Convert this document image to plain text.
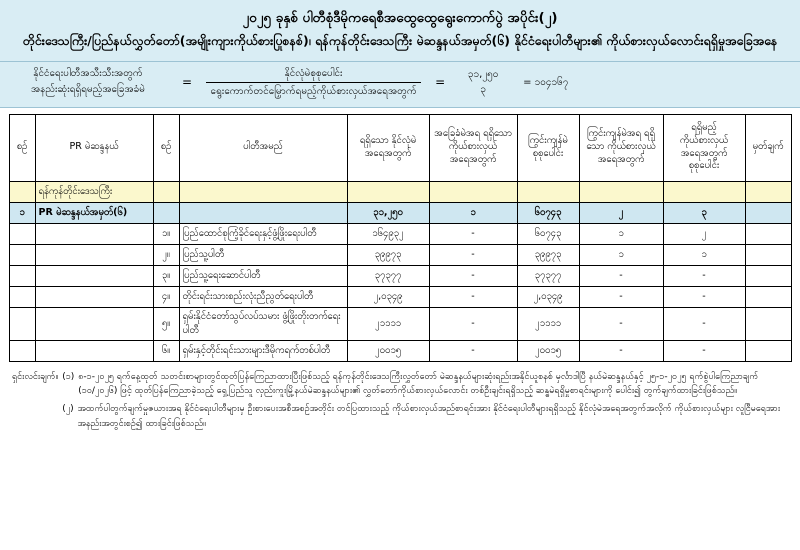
၂၀၂၅ ခုနှစ် ပါတီစုံဒီမိုကရေစီအထွေထွေရွေးကောက်ပွဲ အပိုင်း(၂)
တိုင်းဒေသကြီး/ပြည်နယ်လွှတ်တော်(အမျိုးကျားကိုယ်စားပြုစနစ်)၊ ရန်ကုန်တိုင်းဒေသကြီး မဲဆန္ဒနယ်အမှတ်(၆) နိုင်ငံရေးပါတီများ၏ ကိုယ်စားလှယ်လောင်းရရှိမှုအခြေအနေ
နိုင်ငံရေးပါတီအသီးသီးအတွက်
အနည်းဆုံးရရှိရမည့်အခြေအခံမဲ
= $\frac{\text{နိုင်လုံမဲစုစုပေါင်း}}{\text{ရွေးကောက်တင်မြှောက်ရမည့်ကိုယ်စားလှယ်အရေအတွက်}}$ =
၃၁,၂၅၀
၃
= ၁၀၄၁၆၇
စဉ်	PR မဲဆန္ဒနယ်	စဉ်	ပါတီအမည်	ရရှိသော နိုင်လုံမဲအရေအတွက်	အခြေခံမဲအရ ရရှိသော ကိုယ်စားလှယ် အရေအတွက်	ကြွင်းကျန်မဲ စုစုပေါင်း	ကြွင်းကျန်မဲအရ ရရှိသော ကိုယ်စားလှယ် အရေအတွက်	ရရှိမည့် ကိုယ်စားလှယ် အရေအတွက် စုစုပေါင်း	မှတ်ချက်
	ရန်ကုန်တိုင်းဒေသကြီး								
၁	PR မဲဆန္ဒနယ်အမှတ်(၆)			၃၁,၂၅၀	၁	၆၀၇၄၃	၂	၃	
		၁။	ပြည်ထောင်စုကြံ့ခိုင်ရေးနှင့်ဖွံ့ဖြိုးရေးပါတီ	၁၆၄၉၃၂	-	၆၀၇၄၃	၁	၂	
		၂။	ပြည်သူ့ပါတီ	၃၉၉၇၃	-	၃၉၉၇၃	၁	၁	
		၃။	ပြည်သူ့ရေးဆောင်ပါတီ	၃၇၃၇၇	-	၃၇၃၇၇	-	-	
		၄။	တိုင်းရင်းသားစည်းလုံးညီညွတ်ရေးပါတီ	၂,၀၃၄၉	-	၂,၀၃၄၉	-	-	
		၅။	ရှမ်းနိုင်ငံတော်သွပ်လပ်သမား ဖွံ့ဖြိုးတိုးတက်ရေးပါတီ	၂၁၁၁၁	-	၂၁၁၁၁	-	-	
		၆။	ရှမ်းနှင့်တိုင်းရင်းသားများဒီမိုကရက်တစ်ပါတီ	၂၀၀၁၅	-	၂၀၀၁၅	-	-	
ရှင်းလင်းချက်။ (၁) ၈-၁-၂၀၂၅ ရက်နေ့ထုတ် သတင်းစာများတွင်ထုတ်ပြန်ကြေညာထားပြီးဖြစ်သည့် ရန်ကုန်တိုင်းဒေသကြီးလွှတ်တော် မဲဆန္ဒနယ်များဆုံးရည်းအနိုင်ယူစနစ် မှင်္လာဒါပြီ နယ်မဲဆန္ဒနယ်နှင့် ၂၅-၁-၂၀၂၅ ရက်စွဲပါကြေညာချက် (၁၀/၂၀၂၆) ဖြင့် ထုတ်ပြန်ကြေညာခဲ့သည့် ရှေ့ပြည်သူ လှည်းကူးမြို့နယ်မဲဆန္ဒနယ်များ၏ လွှတ်တော်ကိုယ်စားလှယ်လောင်း တစ်ဦးချင်းရရှိသည့် ဆန္ဓမဲရရှိမှုစာရင်းများကို ပေါင်း၍ တွက်ချက်ထားခြင်းဖြစ်သည်။
(၂) အထက်ပါတွက်ချက်မှုဇယားအရ နိုင်ငံရေးပါတီများမှ ဦးစားပေးအစီအစဉ်အတိုင်း တင်ပြထားသည့် ကိုယ်စားလှယ်အည်စာရင်းအား နိုင်ငံရေးပါတီများရရှိသည့် နိုင်လုံမဲအရေအတွက်အလိုက် ကိုယ်စားလှယ်များ လူငြီမရေအားအနည်းအတွင်းစဉ်၍ ထားခြင်းဖြစ်သည်။
